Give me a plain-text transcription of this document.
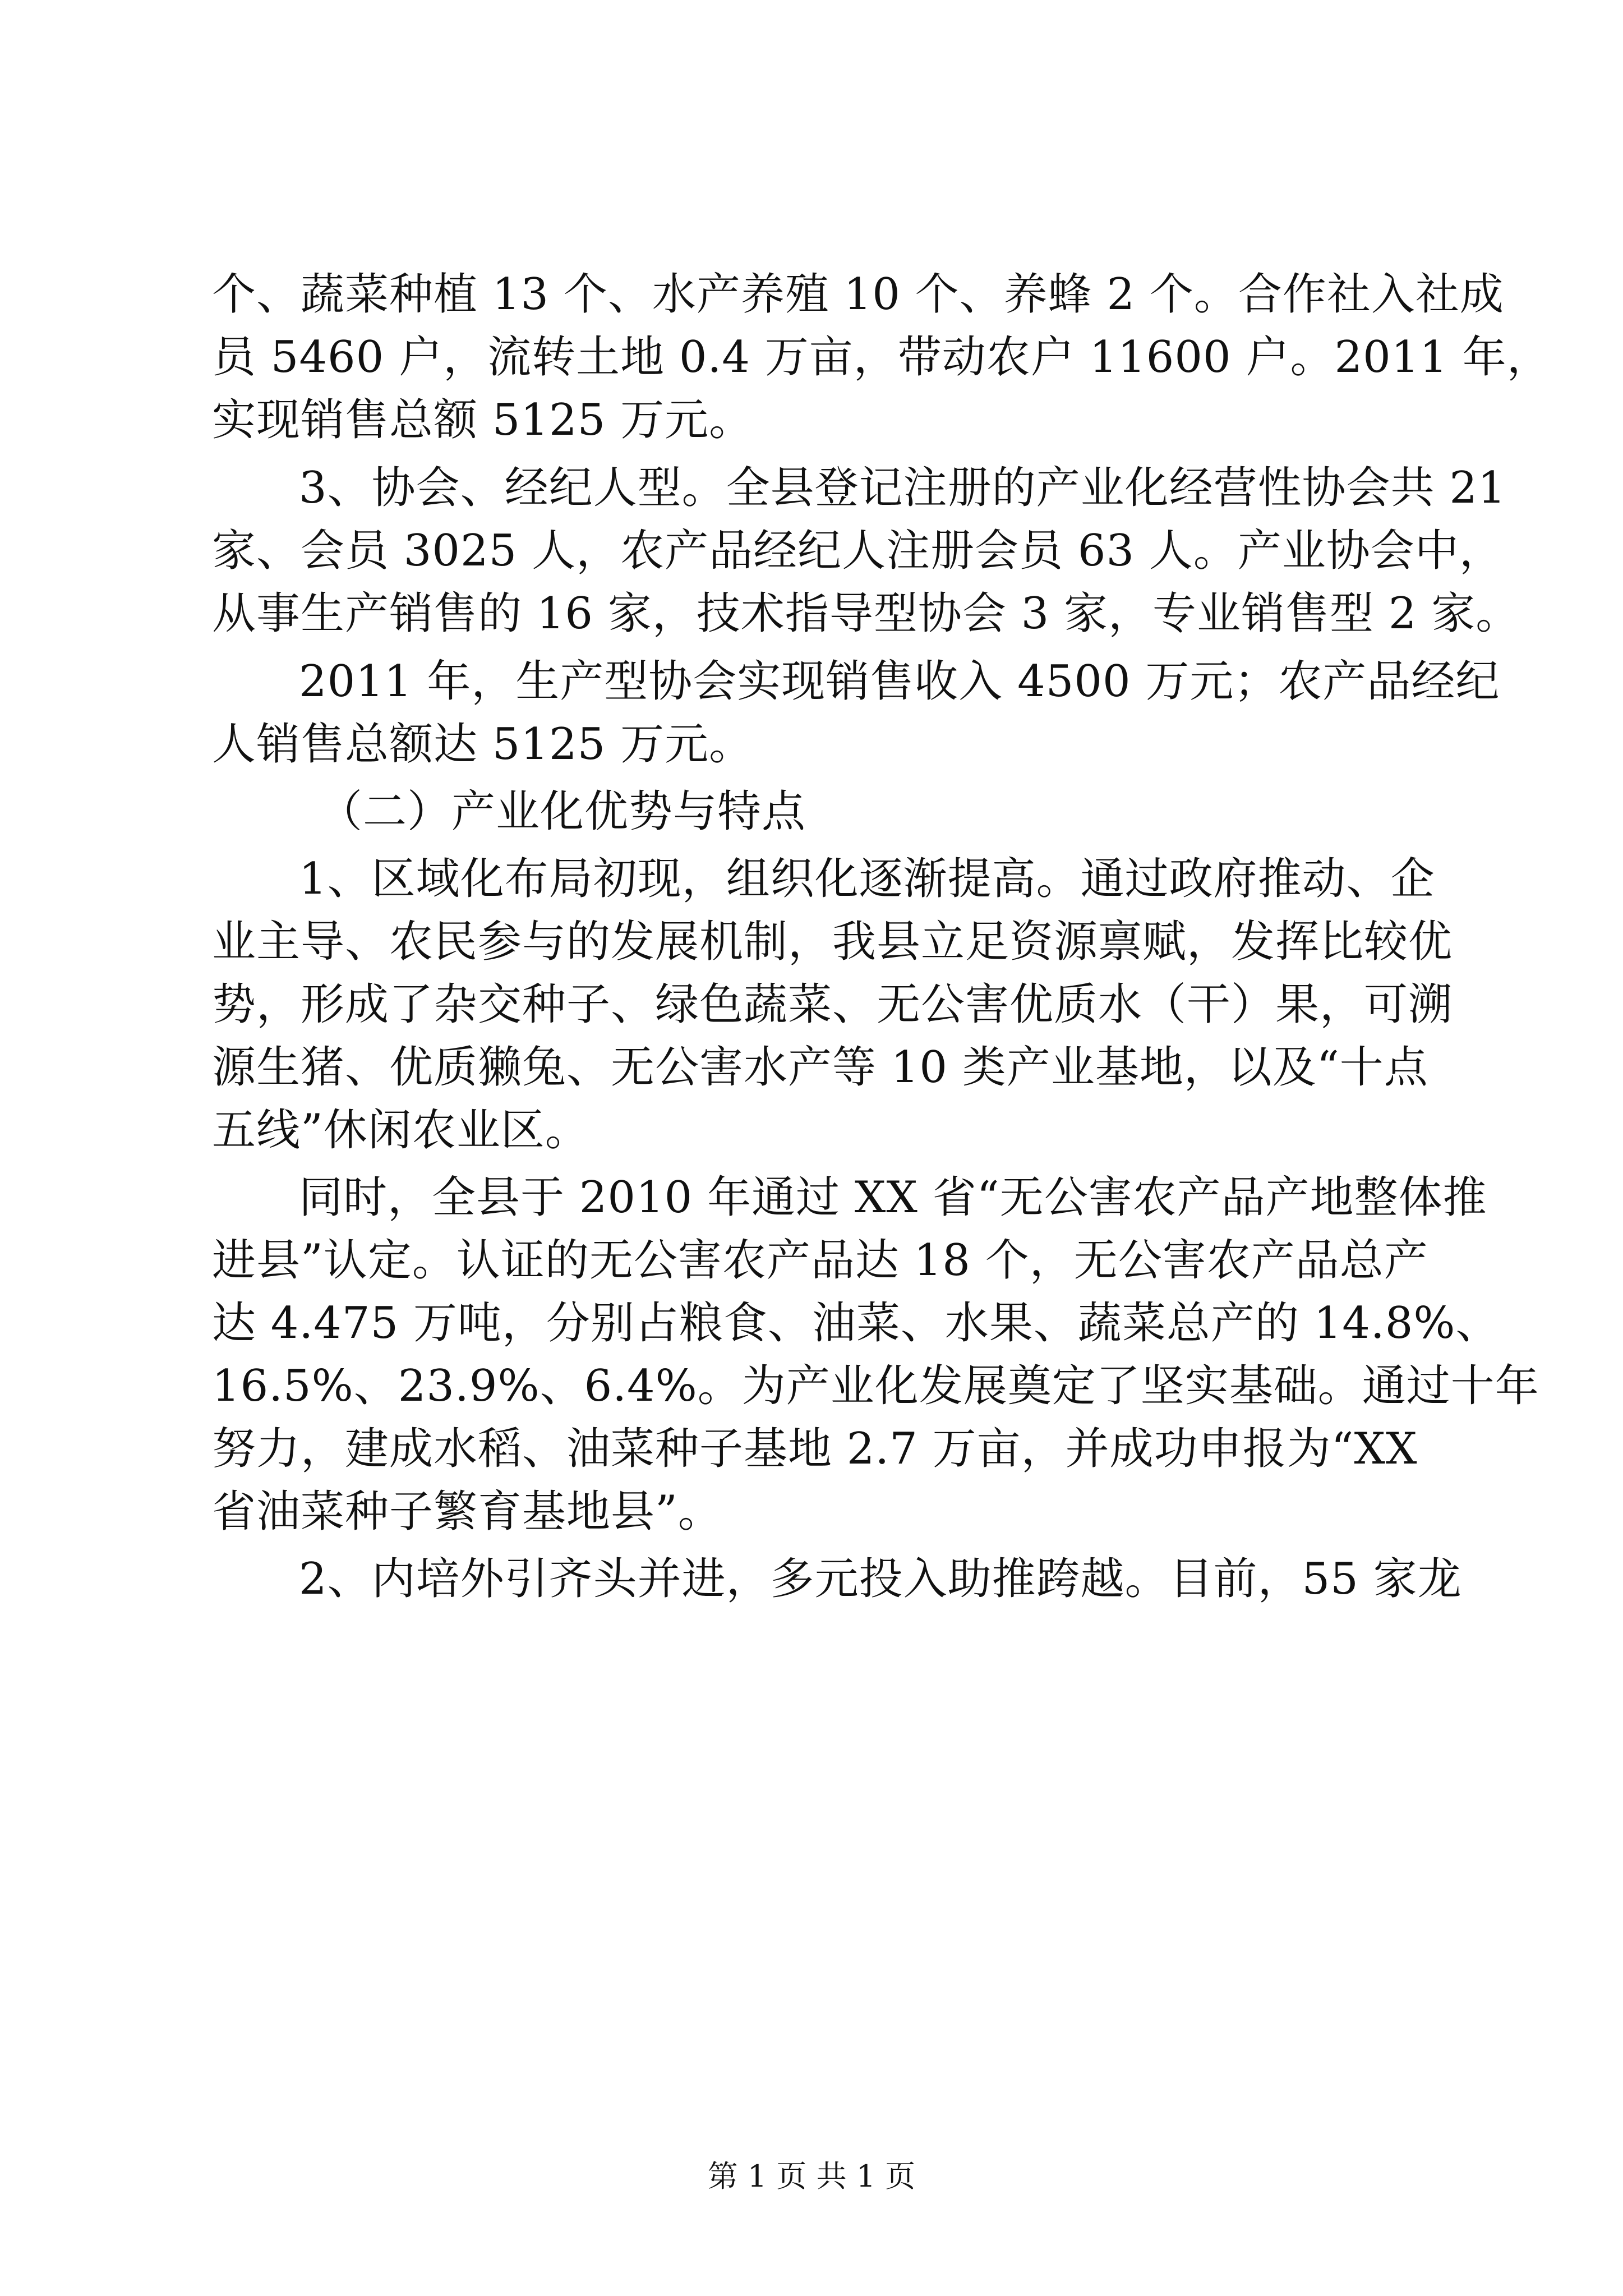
个、蔬菜种植 13 个、水产养殖 10 个、养蜂 2 个。合作社入社成
员 5460 户，流转土地 0.4 万亩，带动农户 11600 户。2011 年，
实现销售总额 5125 万元。
3、协会、经纪人型。全县登记注册的产业化经营性协会共 21
家、会员 3025 人，农产品经纪人注册会员 63 人。产业协会中，
从事生产销售的 16 家，技术指导型协会 3 家，专业销售型 2 家。
2011 年，生产型协会实现销售收入 4500 万元；农产品经纪
人销售总额达 5125 万元。
（二）产业化优势与特点
1、区域化布局初现，组织化逐渐提高。通过政府推动、企
业主导、农民参与的发展机制，我县立足资源禀赋，发挥比较优
势，形成了杂交种子、绿色蔬菜、无公害优质水（干）果，可溯
源生猪、优质獭兔、无公害水产等 10 类产业基地，以及“十点
五线”休闲农业区。
同时，全县于 2010 年通过 XX 省“无公害农产品产地整体推
进县”认定。认证的无公害农产品达 18 个，无公害农产品总产
达 4.475 万吨，分别占粮食、油菜、水果、蔬菜总产的 14.8%、
16.5%、23.9%、6.4%。为产业化发展奠定了坚实基础。通过十年
努力，建成水稻、油菜种子基地 2.7 万亩，并成功申报为“XX
省油菜种子繁育基地县”。
2、内培外引齐头并进，多元投入助推跨越。目前，55 家龙
第 1 页 共 1 页
